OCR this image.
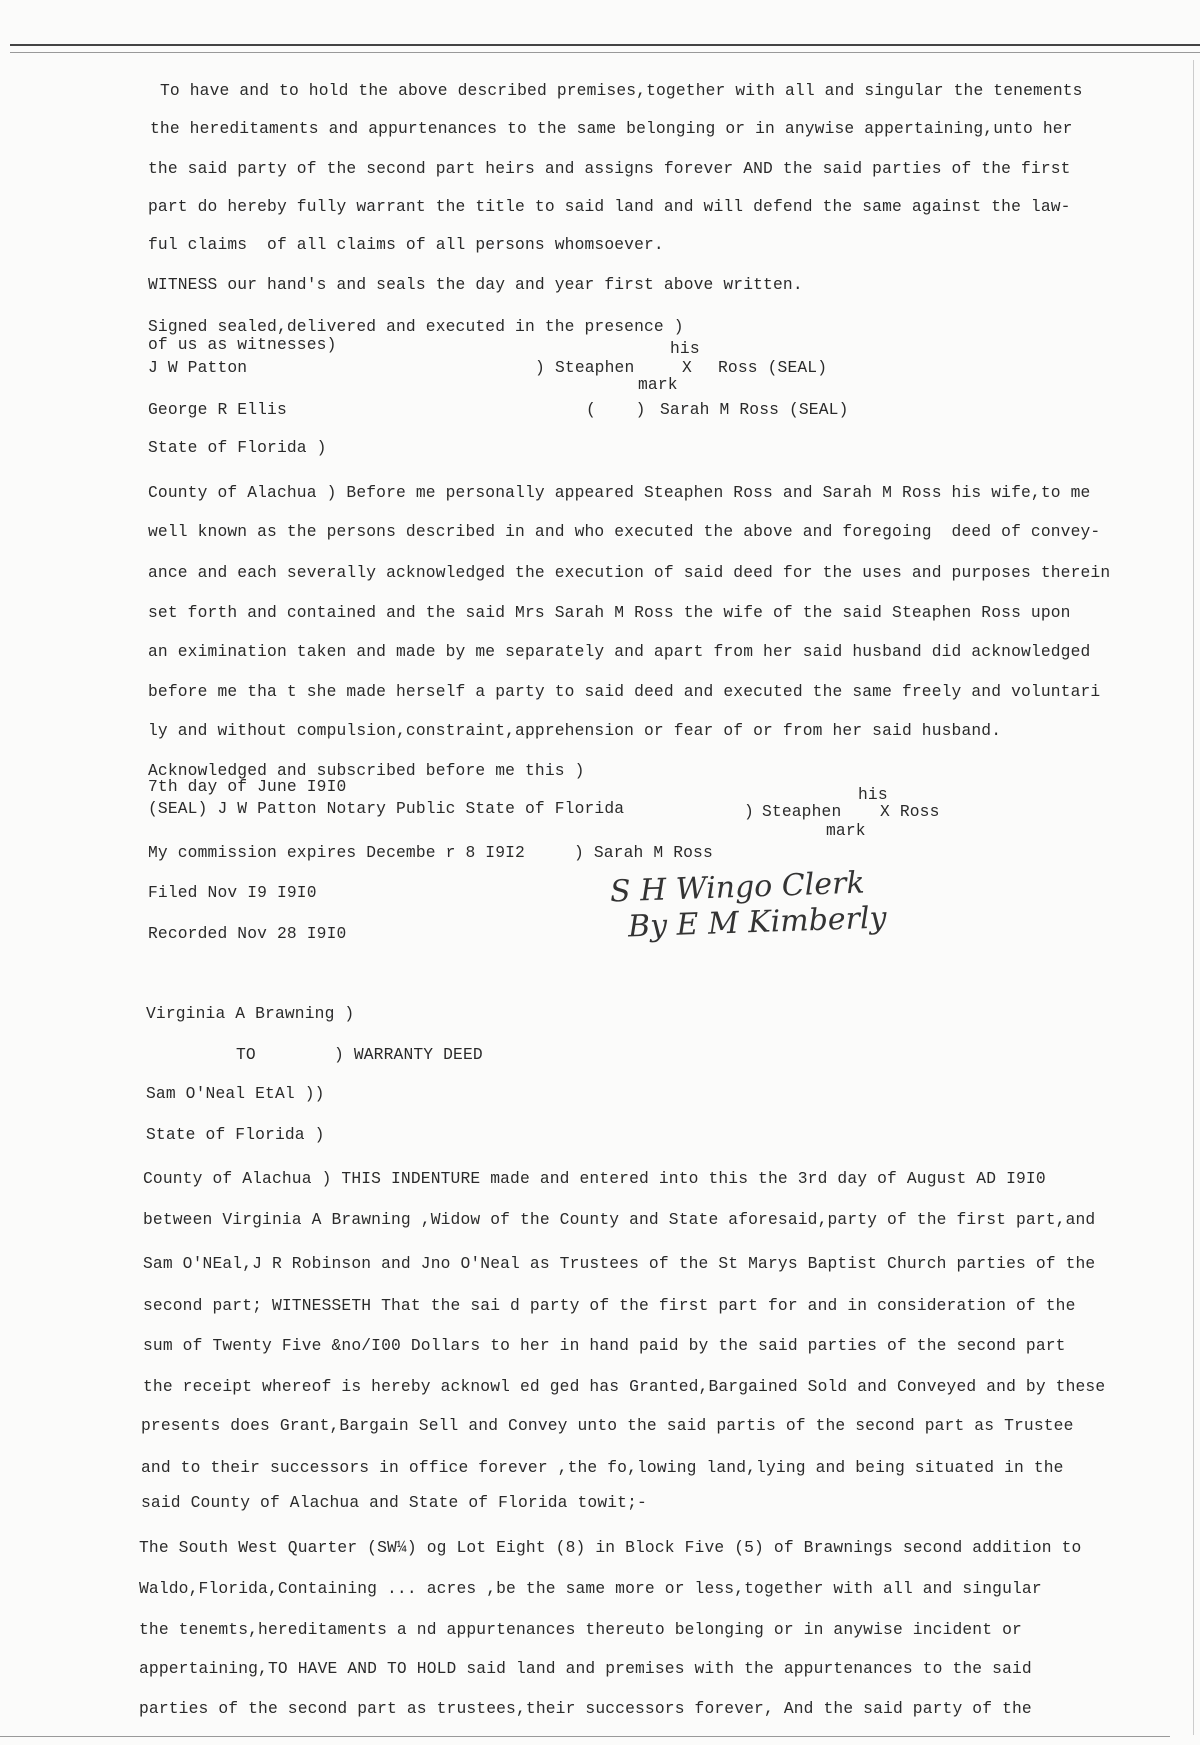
To have and to hold the above described premises,together with all and singular the tenements
the hereditaments and appurtenances to the same belonging or in anywise appertaining,unto her
the said party of the second part heirs and assigns forever AND the said parties of the first
part do hereby fully warrant the title to said land and will defend the same against the law-
ful claims  of all claims of all persons whomsoever.
WITNESS our hand's and seals the day and year first above written.
Signed sealed,delivered and executed in the presence )
of us as witnesses)	his
J W Patton	) Steaphen	X Ross (SEAL)
mark
George R Ellis	(    ) Sarah M Ross (SEAL)
State of Florida )
County of Alachua ) Before me personally appeared Steaphen Ross and Sarah M Ross his wife,to me
well known as the persons described in and who executed the above and foregoing  deed of convey-
ance and each severally acknowledged the execution of said deed for the uses and purposes therein
set forth and contained and the said Mrs Sarah M Ross the wife of the said Steaphen Ross upon
an eximination taken and made by me separately and apart from her said husband did acknowledged
before me tha t she made herself a party to said deed and executed the same freely and voluntari
ly and without compulsion,constraint,apprehension or fear of or from her said husband.
Acknowledged and subscribed before me this )
7th day of June I9I0	his
(SEAL) J W Patton Notary Public State of Florida	) Steaphen X Ross
mark
My commission expires Decembe r 8 I9I2	) Sarah M Ross
Filed Nov I9 I9I0
Recorded Nov 28 I9I0
S H Wingo Clerk
By E M Kimberly
Virginia A Brawning )
TO	) WARRANTY DEED
Sam O'Neal EtAl ))
State of Florida )
County of Alachua ) THIS INDENTURE made and entered into this the 3rd day of August AD I9I0
between Virginia A Brawning ,Widow of the County and State aforesaid,party of the first part,and
Sam O'NEal,J R Robinson and Jno O'Neal as Trustees of the St Marys Baptist Church parties of the
second part; WITNESSETH That the sai d party of the first part for and in consideration of the
sum of Twenty Five &no/I00 Dollars to her in hand paid by the said parties of the second part
the receipt whereof is hereby acknowl ed ged has Granted,Bargained Sold and Conveyed and by these
presents does Grant,Bargain Sell and Convey unto the said partis of the second part as Trustee
and to their successors in office forever ,the fo,lowing land,lying and being situated in the
said County of Alachua and State of Florida towit;-
The South West Quarter (SW¼) og Lot Eight (8) in Block Five (5) of Brawnings second addition to
Waldo,Florida,Containing ... acres ,be the same more or less,together with all and singular
the tenemts,hereditaments a nd appurtenances thereuto belonging or in anywise incident or
appertaining,TO HAVE AND TO HOLD said land and premises with the appurtenances to the said
parties of the second part as trustees,their successors forever, And the said party of the
